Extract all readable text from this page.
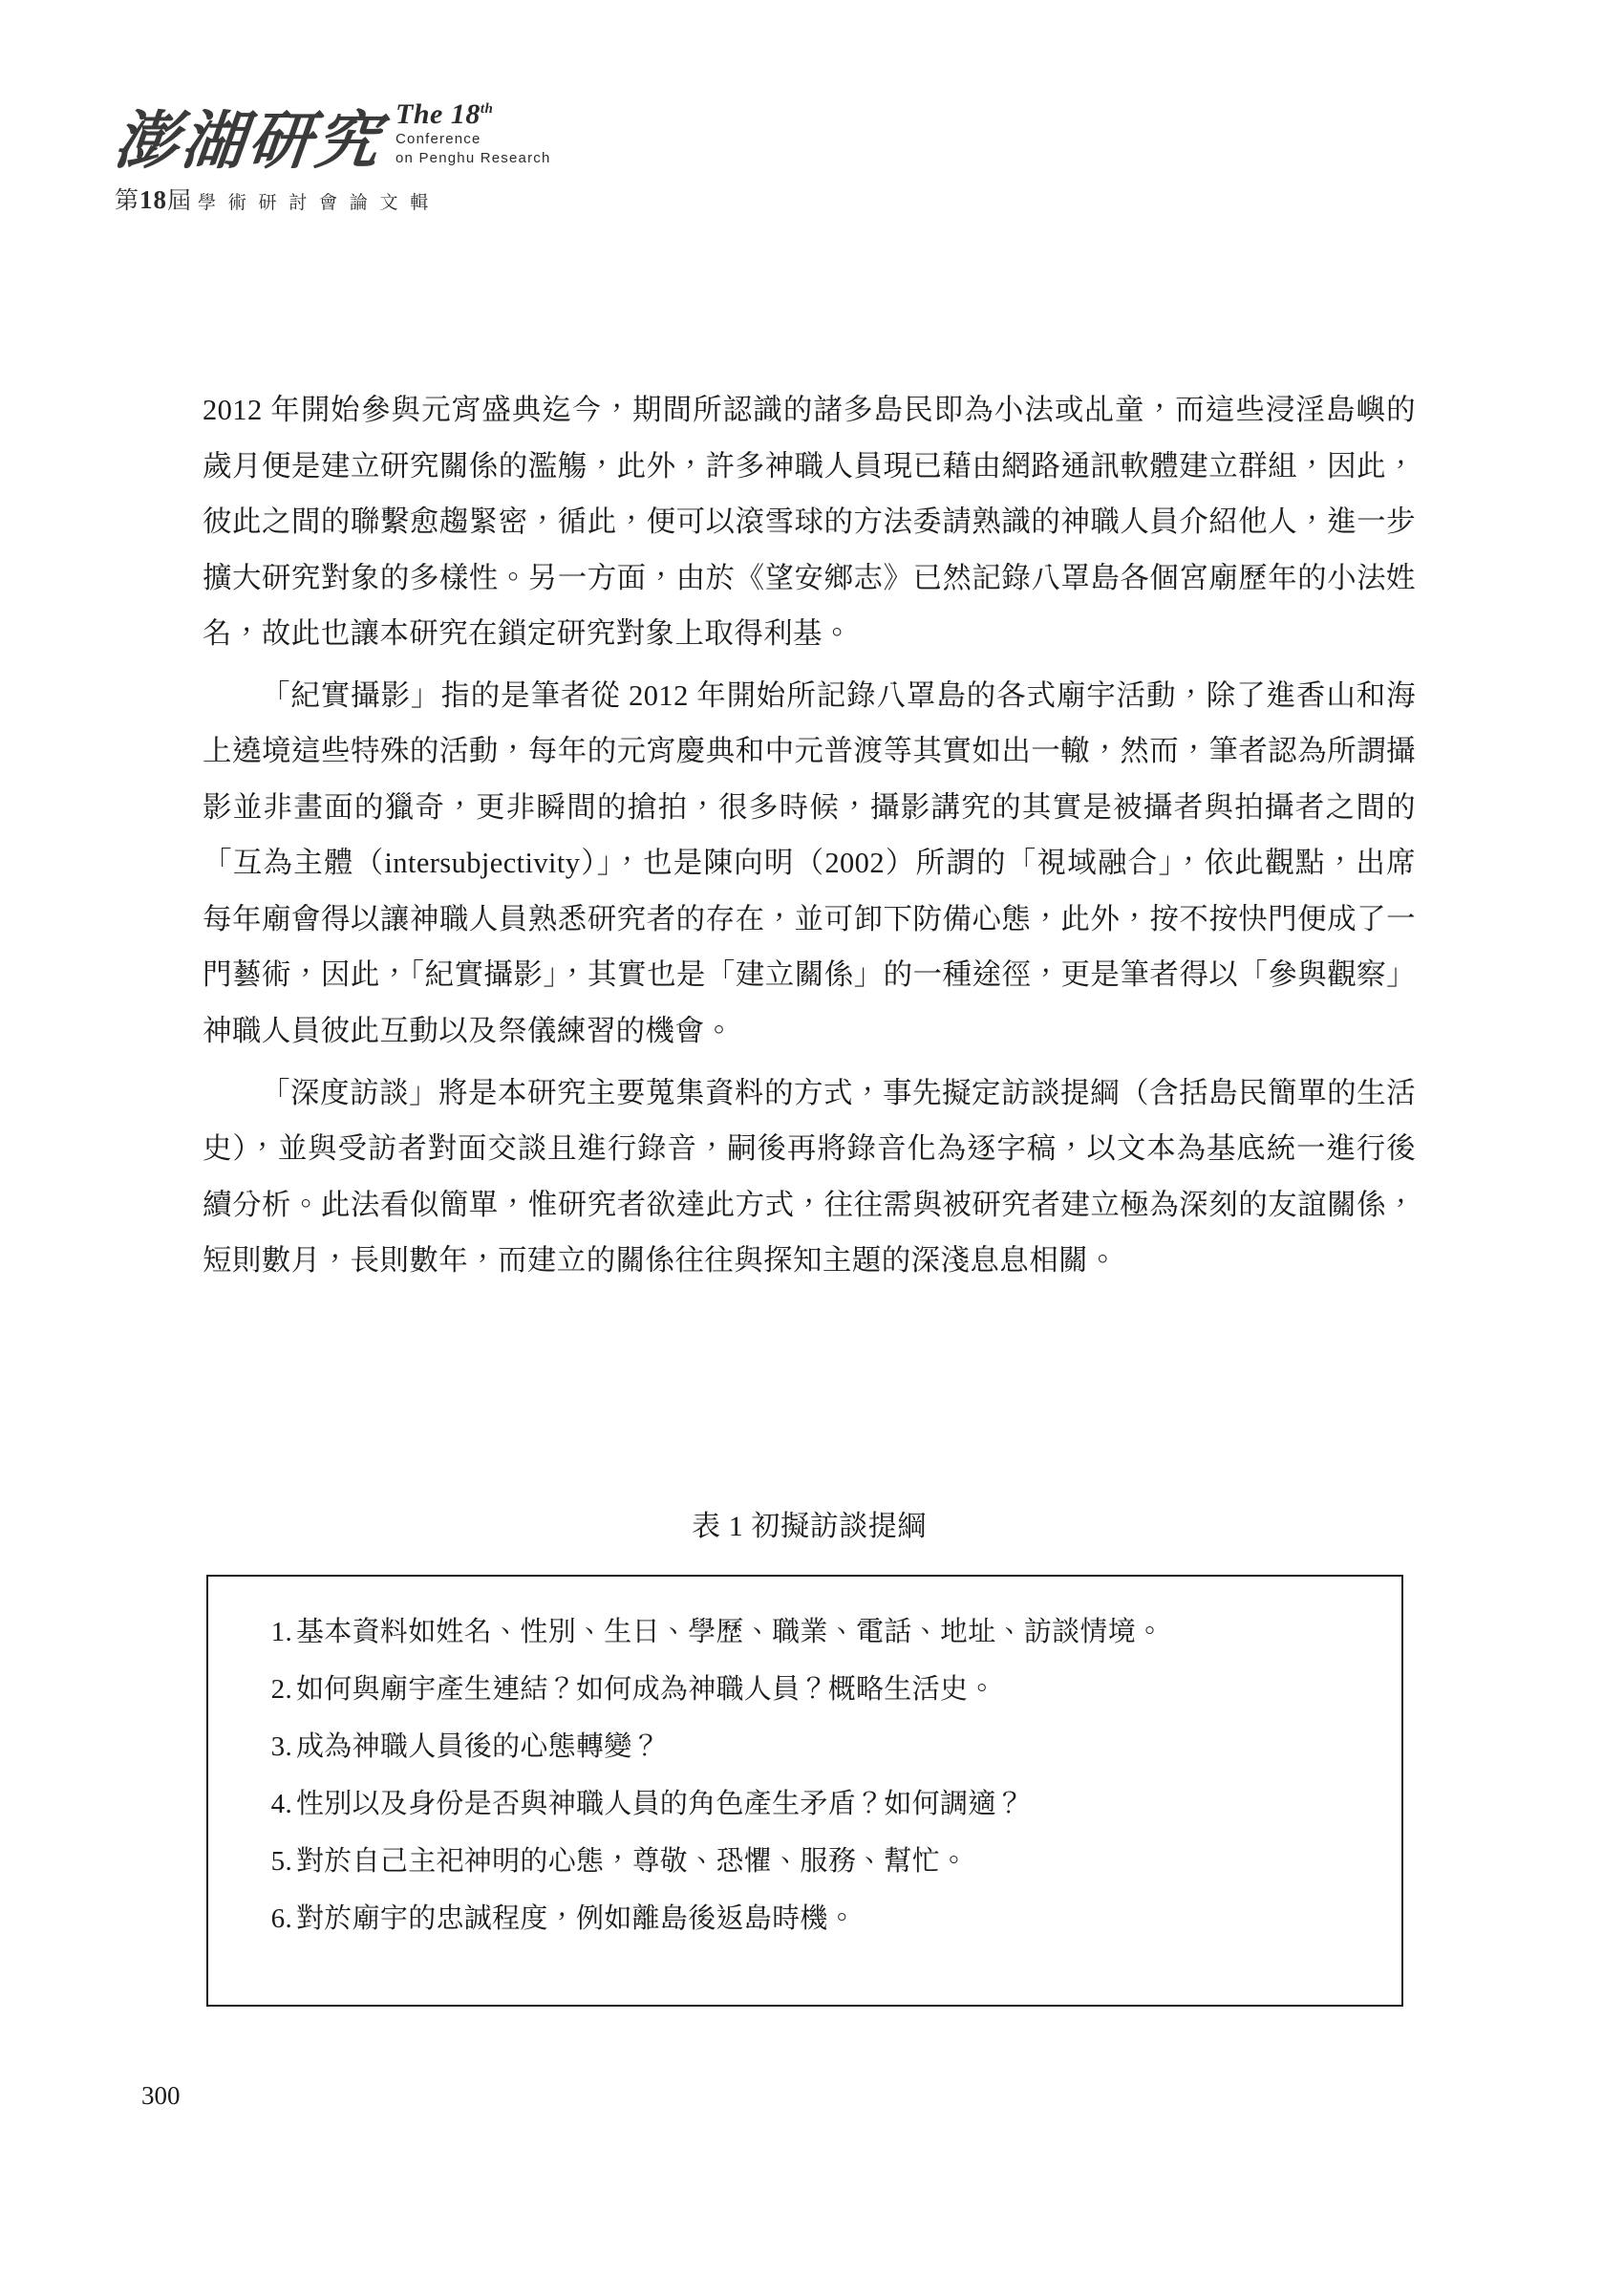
澎湖研究 The 18th
Conference
on Penghu Research
第18屆 學 術 研 討 會 論 文 輯

2012 年開始參與元宵盛典迄今，期間所認識的諸多島民即為小法或乩童，而這些浸淫島嶼的歲月便是建立研究關係的濫觴，此外，許多神職人員現已藉由網路通訊軟體建立群組，因此，彼此之間的聯繫愈趨緊密，循此，便可以滾雪球的方法委請熟識的神職人員介紹他人，進一步擴大研究對象的多樣性。另一方面，由於《望安鄉志》已然記錄八罩島各個宮廟歷年的小法姓名，故此也讓本研究在鎖定研究對象上取得利基。

「紀實攝影」指的是筆者從 2012 年開始所記錄八罩島的各式廟宇活動，除了進香山和海上遶境這些特殊的活動，每年的元宵慶典和中元普渡等其實如出一轍，然而，筆者認為所謂攝影並非畫面的獵奇，更非瞬間的搶拍，很多時候，攝影講究的其實是被攝者與拍攝者之間的「互為主體（intersubjectivity）」，也是陳向明（2002）所謂的「視域融合」，依此觀點，出席每年廟會得以讓神職人員熟悉研究者的存在，並可卸下防備心態，此外，按不按快門便成了一門藝術，因此，「紀實攝影」，其實也是「建立關係」的一種途徑，更是筆者得以「參與觀察」神職人員彼此互動以及祭儀練習的機會。

「深度訪談」將是本研究主要蒐集資料的方式，事先擬定訪談提綱（含括島民簡單的生活史），並與受訪者對面交談且進行錄音，嗣後再將錄音化為逐字稿，以文本為基底統一進行後續分析。此法看似簡單，惟研究者欲達此方式，往往需與被研究者建立極為深刻的友誼關係，短則數月，長則數年，而建立的關係往往與探知主題的深淺息息相關。

表 1 初擬訪談提綱
1. 基本資料如姓名、性別、生日、學歷、職業、電話、地址、訪談情境。
2. 如何與廟宇產生連結？如何成為神職人員？概略生活史。
3. 成為神職人員後的心態轉變？
4. 性別以及身份是否與神職人員的角色產生矛盾？如何調適？
5. 對於自己主祀神明的心態，尊敬、恐懼、服務、幫忙。
6. 對於廟宇的忠誠程度，例如離島後返島時機。
300
